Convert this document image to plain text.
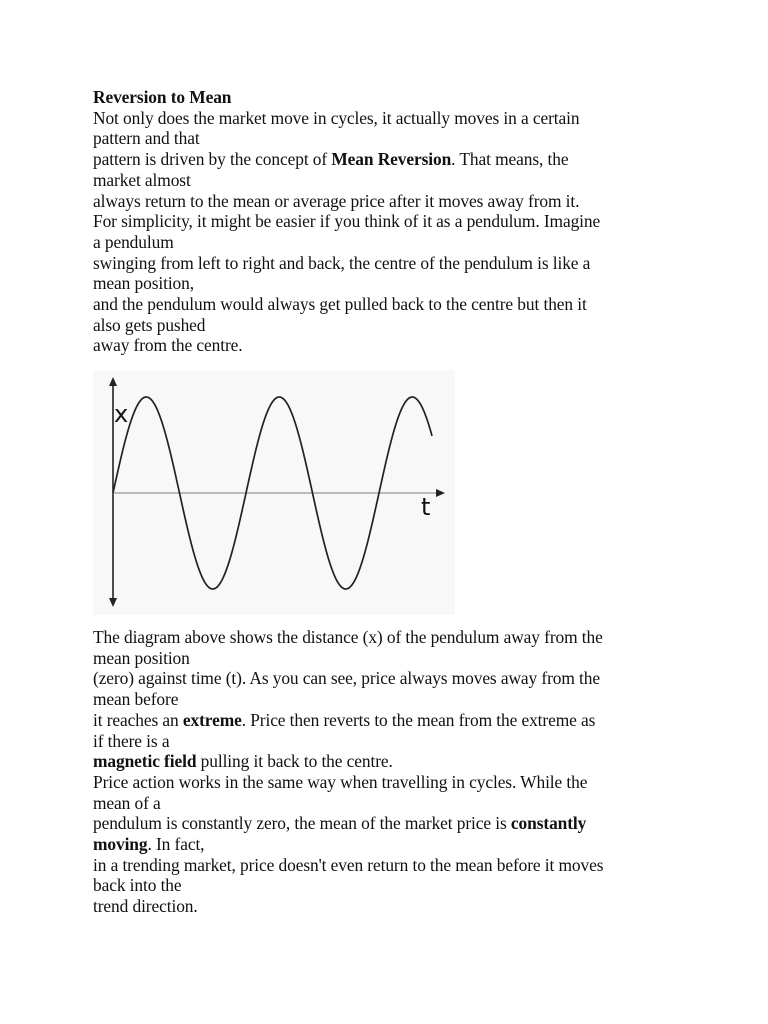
Reversion to Mean
Not only does the market move in cycles, it actually moves in a certain
pattern and that
pattern is driven by the concept of Mean Reversion. That means, the
market almost
always return to the mean or average price after it moves away from it.
For simplicity, it might be easier if you think of it as a pendulum. Imagine
a pendulum
swinging from left to right and back, the centre of the pendulum is like a
mean position,
and the pendulum would always get pulled back to the centre but then it
also gets pushed
away from the centre.
x
t
The diagram above shows the distance (x) of the pendulum away from the
mean position
(zero) against time (t). As you can see, price always moves away from the
mean before
it reaches an extreme. Price then reverts to the mean from the extreme as
if there is a
magnetic field pulling it back to the centre.
Price action works in the same way when travelling in cycles. While the
mean of a
pendulum is constantly zero, the mean of the market price is constantly
moving. In fact,
in a trending market, price doesn't even return to the mean before it moves
back into the
trend direction.
